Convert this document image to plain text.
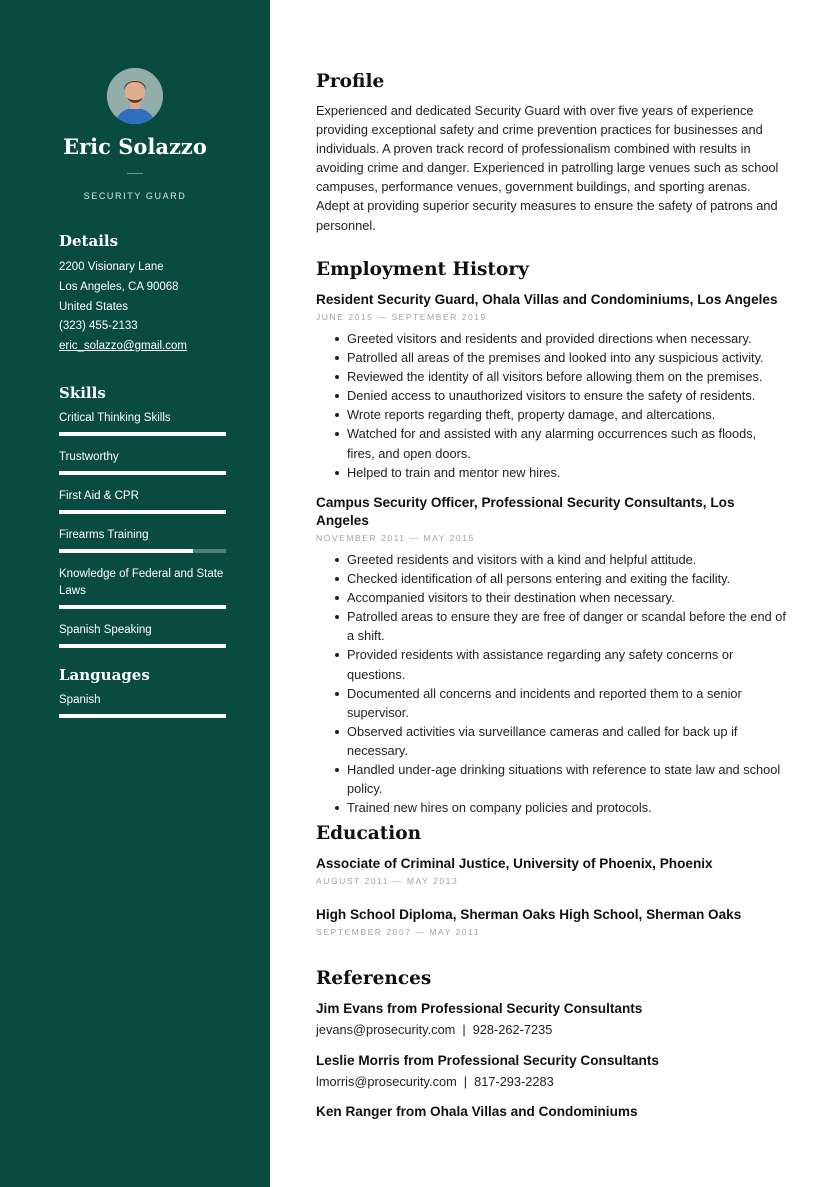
Eric Solazzo
SECURITY GUARD
Details
2200 Visionary Lane
Los Angeles, CA 90068
United States
(323) 455-2133
eric_solazzo@gmail.com
Skills
Critical Thinking Skills
Trustworthy
First Aid & CPR
Firearms Training
Knowledge of Federal and State Laws
Spanish Speaking
Languages
Spanish
Profile
Experienced and dedicated Security Guard with over five years of experience providing exceptional safety and crime prevention practices for businesses and individuals. A proven track record of professionalism combined with results in avoiding crime and danger. Experienced in patrolling large venues such as school campuses, performance venues, government buildings, and sporting arenas. Adept at providing superior security measures to ensure the safety of patrons and personnel.
Employment History
Resident Security Guard, Ohala Villas and Condominiums, Los Angeles
JUNE 2015 — SEPTEMBER 2019
Greeted visitors and residents and provided directions when necessary.
Patrolled all areas of the premises and looked into any suspicious activity.
Reviewed the identity of all visitors before allowing them on the premises.
Denied access to unauthorized visitors to ensure the safety of residents.
Wrote reports regarding theft, property damage, and altercations.
Watched for and assisted with any alarming occurrences such as floods, fires, and open doors.
Helped to train and mentor new hires.
Campus Security Officer, Professional Security Consultants, Los Angeles
NOVEMBER 2011 — MAY 2015
Greeted residents and visitors with a kind and helpful attitude.
Checked identification of all persons entering and exiting the facility.
Accompanied visitors to their destination when necessary.
Patrolled areas to ensure they are free of danger or scandal before the end of a shift.
Provided residents with assistance regarding any safety concerns or questions.
Documented all concerns and incidents and reported them to a senior supervisor.
Observed activities via surveillance cameras and called for back up if necessary.
Handled under-age drinking situations with reference to state law and school policy.
Trained new hires on company policies and protocols.
Education
Associate of Criminal Justice, University of Phoenix, Phoenix
AUGUST 2011 — MAY 2013
High School Diploma, Sherman Oaks High School, Sherman Oaks
SEPTEMBER 2007 — MAY 2011
References
Jim Evans from Professional Security Consultants
jevans@prosecurity.com | 928-262-7235
Leslie Morris from Professional Security Consultants
lmorris@prosecurity.com | 817-293-2283
Ken Ranger from Ohala Villas and Condominiums
